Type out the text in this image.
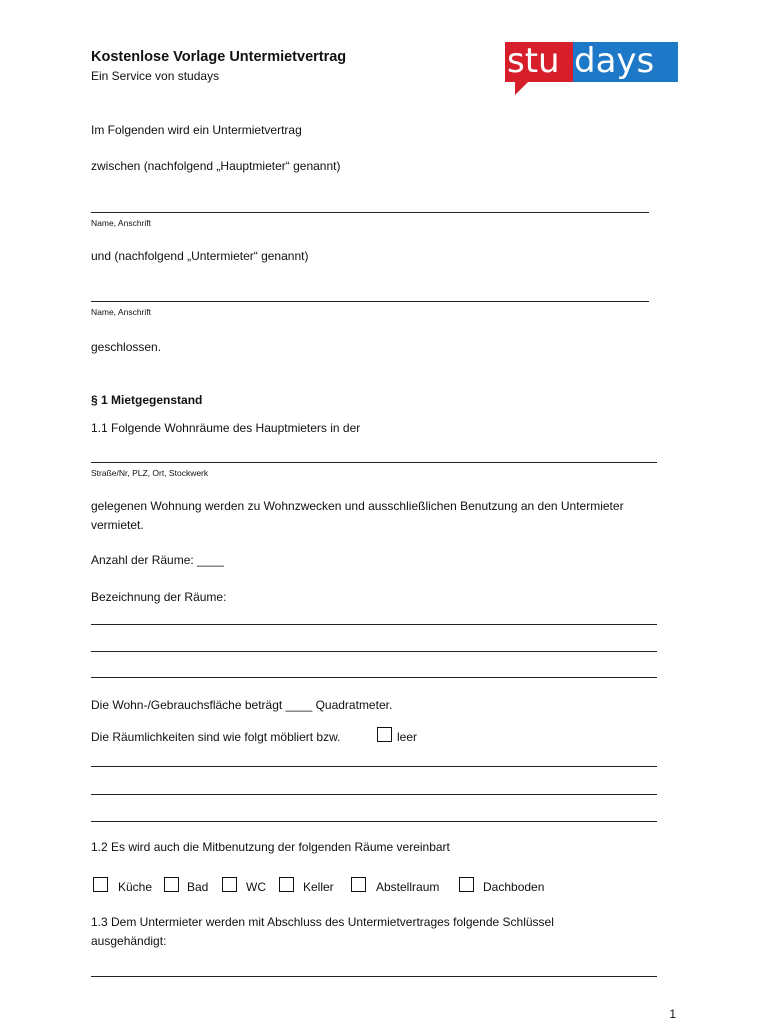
Kostenlose Vorlage Untermietvertrag
Ein Service von studays	stu days
Im Folgenden wird ein Untermietvertrag
zwischen (nachfolgend „Hauptmieter“ genannt)
Name, Anschrift
und (nachfolgend „Untermieter“ genannt)
Name, Anschrift
geschlossen.
§ 1 Mietgegenstand
1.1 Folgende Wohnräume des Hauptmieters in der
Straße/Nr, PLZ, Ort, Stockwerk
gelegenen Wohnung werden zu Wohnzwecken und ausschließlichen Benutzung an den Untermieter
vermietet.
Anzahl der Räume: ____
Bezeichnung der Räume:
Die Wohn-/Gebrauchsfläche beträgt ____ Quadratmeter.
Die Räumlichkeiten sind wie folgt möbliert bzw.	leer
1.2 Es wird auch die Mitbenutzung der folgenden Räume vereinbart
Küche	Bad	WC	Keller	Abstellraum	Dachboden
1.3 Dem Untermieter werden mit Abschluss des Untermietvertrages folgende Schlüssel
ausgehändigt:
1
